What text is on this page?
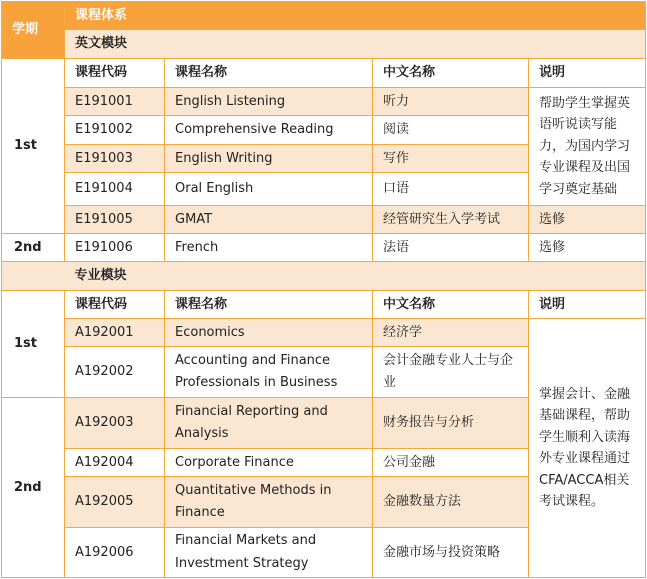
学期	课程体系			
	英文模块			
1st	课程代码	课程名称	中文名称	说明
	E191001	English Listening	听力	帮助学生掌握英语听说读写能力，为国内学习专业课程及出国学习奠定基础
	E191002	Comprehensive Reading	阅读	
	E191003	English Writing	写作	
	E191004	Oral English	口语	
	E191005	GMAT	经管研究生入学考试	选修
2nd	E191006	French	法语	选修
	专业模块			
1st	课程代码	课程名称	中文名称	说明
	A192001	Economics	经济学	掌握会计、金融基础课程，帮助学生顺利入读海外专业课程通过CFA/ACCA相关考试课程。
	A192002	Accounting and Finance Professionals in Business	会计金融专业人士与企业	
2nd	A192003	Financial Reporting and Analysis	财务报告与分析	
	A192004	Corporate Finance	公司金融	
	A192005	Quantitative Methods in Finance	金融数量方法	
	A192006	Financial Markets and Investment Strategy	金融市场与投资策略	
